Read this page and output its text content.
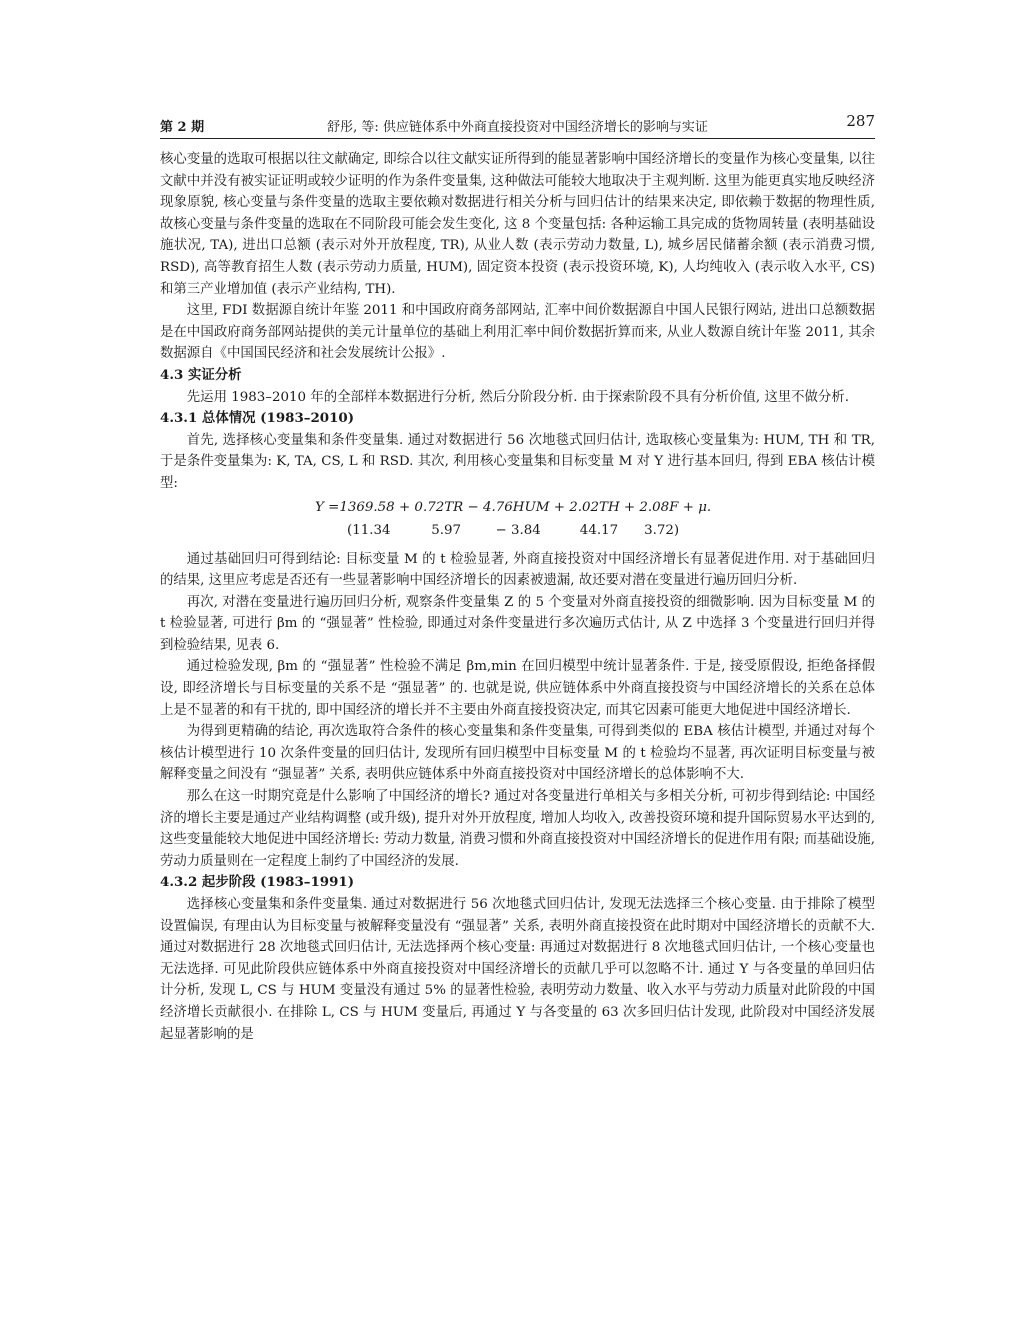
第 2 期	舒彤, 等: 供应链体系中外商直接投资对中国经济增长的影响与实证	287

核心变量的选取可根据以往文献确定, 即综合以往文献实证所得到的能显著影响中国经济增长的变量作为核心变量集, 以往文献中并没有被实证证明或较少证明的作为条件变量集, 这种做法可能较大地取决于主观判断. 这里为能更真实地反映经济现象原貌, 核心变量与条件变量的选取主要依赖对数据进行相关分析与回归估计的结果来决定, 即依赖于数据的物理性质, 故核心变量与条件变量的选取在不同阶段可能会发生变化, 这 8 个变量包括: 各种运输工具完成的货物周转量 (表明基础设施状况, TA), 进出口总额 (表示对外开放程度, TR), 从业人数 (表示劳动力数量, L), 城乡居民储蓄余额 (表示消费习惯, RSD), 高等教育招生人数 (表示劳动力质量, HUM), 固定资本投资 (表示投资环境, K), 人均纯收入 (表示收入水平, CS) 和第三产业增加值 (表示产业结构, TH).

这里, FDI 数据源自统计年鉴 2011 和中国政府商务部网站, 汇率中间价数据源自中国人民银行网站, 进出口总额数据是在中国政府商务部网站提供的美元计量单位的基础上利用汇率中间价数据折算而来, 从业人数源自统计年鉴 2011, 其余数据源自《中国国民经济和社会发展统计公报》.

4.3 实证分析

先运用 1983–2010 年的全部样本数据进行分析, 然后分阶段分析. 由于探索阶段不具有分析价值, 这里不做分析.

4.3.1 总体情况 (1983–2010)

首先, 选择核心变量集和条件变量集. 通过对数据进行 56 次地毯式回归估计, 选取核心变量集为: HUM, TH 和 TR, 于是条件变量集为: K, TA, CS, L 和 RSD. 其次, 利用核心变量集和目标变量 M 对 Y 进行基本回归, 得到 EBA 核估计模型:

Y =1369.58 + 0.72TR − 4.76HUM + 2.02TH + 2.08F + μ.
(11.34	5.97	− 3.84	44.17 3.72)

通过基础回归可得到结论: 目标变量 M 的 t 检验显著, 外商直接投资对中国经济增长有显著促进作用. 对于基础回归的结果, 这里应考虑是否还有一些显著影响中国经济增长的因素被遗漏, 故还要对潜在变量进行遍历回归分析.

再次, 对潜在变量进行遍历回归分析, 观察条件变量集 Z 的 5 个变量对外商直接投资的细微影响. 因为目标变量 M 的 t 检验显著, 可进行 βm 的 “强显著” 性检验, 即通过对条件变量进行多次遍历式估计, 从 Z 中选择 3 个变量进行回归并得到检验结果, 见表 6.

通过检验发现, βm 的 “强显著” 性检验不满足 βm,min 在回归模型中统计显著条件. 于是, 接受原假设, 拒绝备择假设, 即经济增长与目标变量的关系不是 “强显著” 的. 也就是说, 供应链体系中外商直接投资与中国经济增长的关系在总体上是不显著的和有干扰的, 即中国经济的增长并不主要由外商直接投资决定, 而其它因素可能更大地促进中国经济增长.

为得到更精确的结论, 再次选取符合条件的核心变量集和条件变量集, 可得到类似的 EBA 核估计模型, 并通过对每个核估计模型进行 10 次条件变量的回归估计, 发现所有回归模型中目标变量 M 的 t 检验均不显著, 再次证明目标变量与被解释变量之间没有 “强显著” 关系, 表明供应链体系中外商直接投资对中国经济增长的总体影响不大.

那么在这一时期究竟是什么影响了中国经济的增长? 通过对各变量进行单相关与多相关分析, 可初步得到结论: 中国经济的增长主要是通过产业结构调整 (或升级), 提升对外开放程度, 增加人均收入, 改善投资环境和提升国际贸易水平达到的, 这些变量能较大地促进中国经济增长: 劳动力数量, 消费习惯和外商直接投资对中国经济增长的促进作用有限; 而基础设施, 劳动力质量则在一定程度上制约了中国经济的发展.

4.3.2 起步阶段 (1983–1991)

选择核心变量集和条件变量集. 通过对数据进行 56 次地毯式回归估计, 发现无法选择三个核心变量. 由于排除了模型设置偏误, 有理由认为目标变量与被解释变量没有 “强显著” 关系, 表明外商直接投资在此时期对中国经济增长的贡献不大. 通过对数据进行 28 次地毯式回归估计, 无法选择两个核心变量: 再通过对数据进行 8 次地毯式回归估计, 一个核心变量也无法选择. 可见此阶段供应链体系中外商直接投资对中国经济增长的贡献几乎可以忽略不计. 通过 Y 与各变量的单回归估计分析, 发现 L, CS 与 HUM 变量没有通过 5% 的显著性检验, 表明劳动力数量、收入水平与劳动力质量对此阶段的中国经济增长贡献很小. 在排除 L, CS 与 HUM 变量后, 再通过 Y 与各变量的 63 次多回归估计发现, 此阶段对中国经济发展起显著影响的是
